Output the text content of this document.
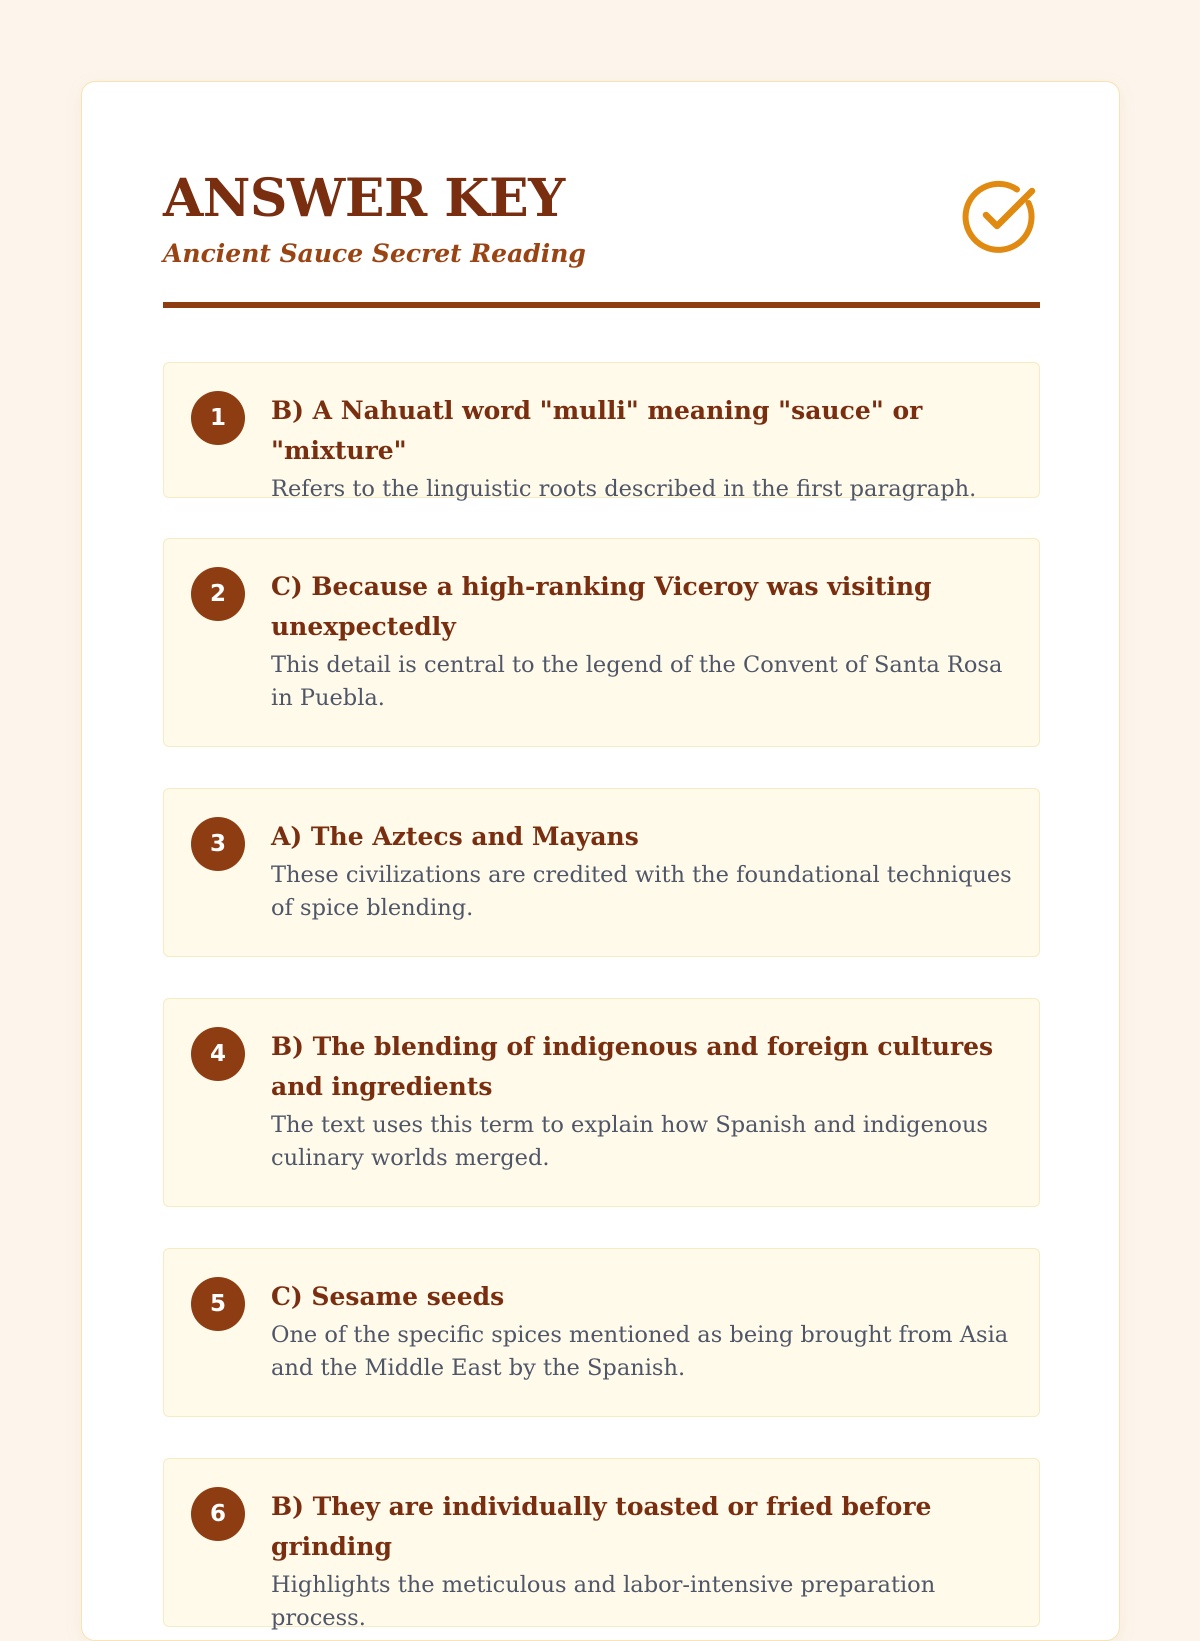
ANSWER KEY
Ancient Sauce Secret Reading
1	B) A Nahuatl word "mulli" meaning "sauce" or "mixture"

Refers to the linguistic roots described in the first paragraph.

2	C) Because a high-ranking Viceroy was visiting unexpectedly

This detail is central to the legend of the Convent of Santa Rosa in Puebla.

3	A) The Aztecs and Mayans

These civilizations are credited with the foundational techniques of spice blending.

4	B) The blending of indigenous and foreign cultures and ingredients

The text uses this term to explain how Spanish and indigenous culinary worlds merged.

5	C) Sesame seeds

One of the specific spices mentioned as being brought from Asia and the Middle East by the Spanish.

6	B) They are individually toasted or fried before grinding

Highlights the meticulous and labor-intensive preparation process.
